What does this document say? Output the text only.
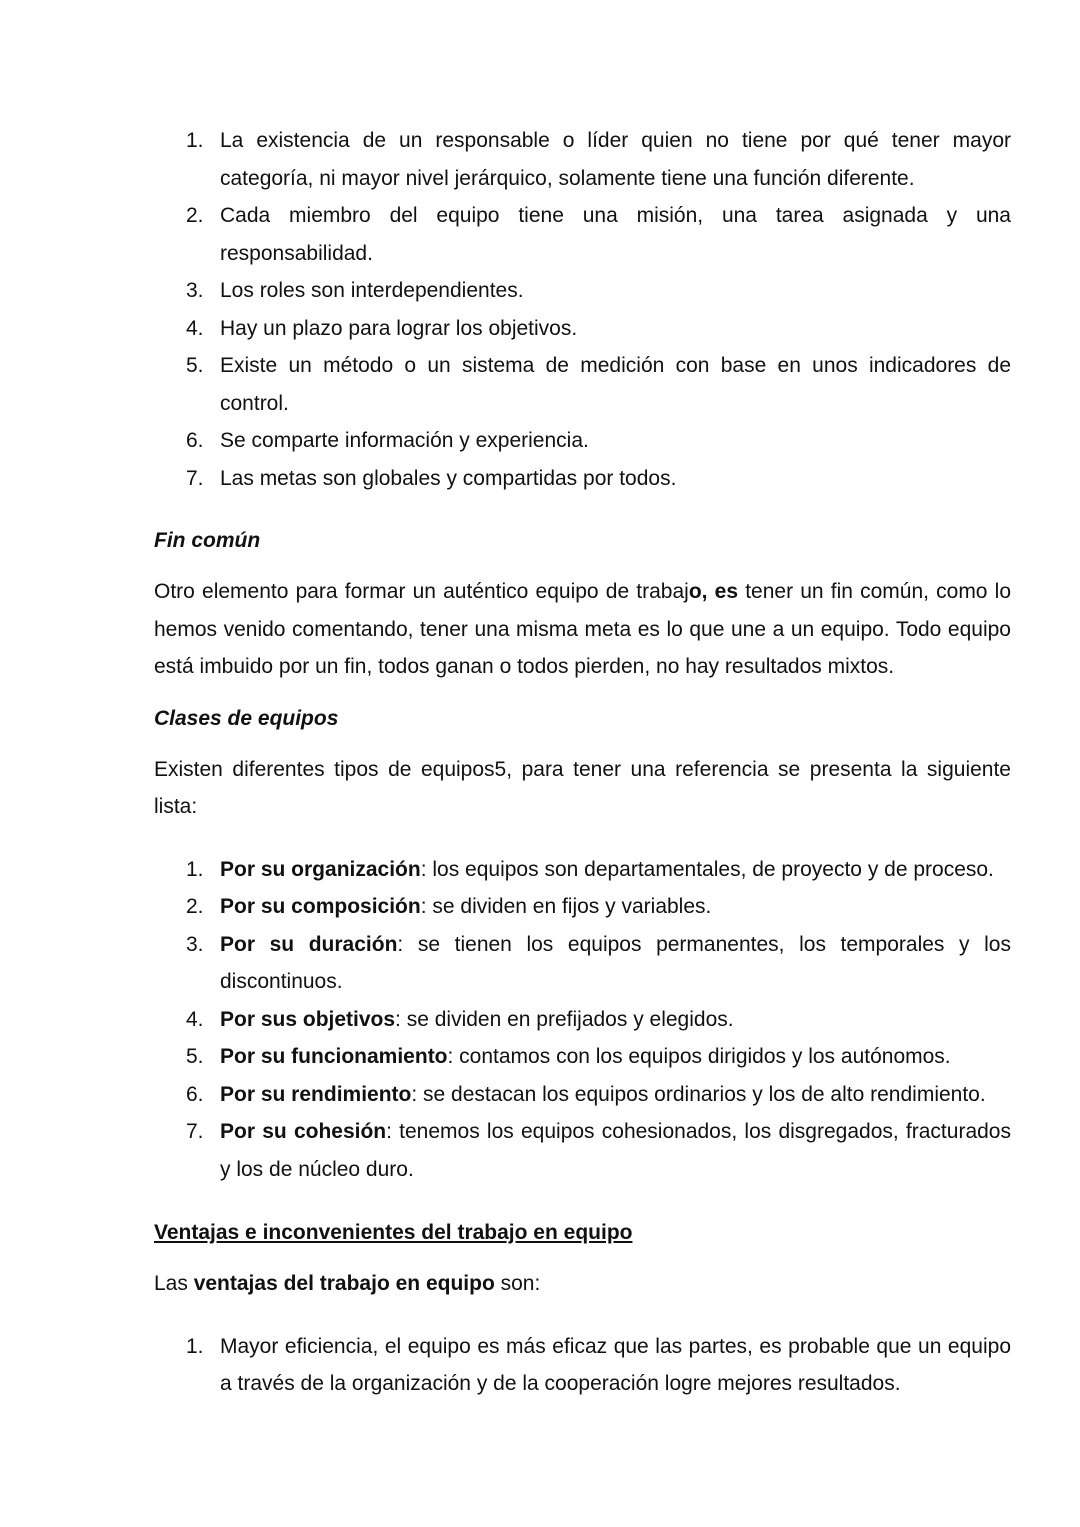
1. La existencia de un responsable o líder quien no tiene por qué tener mayor categoría, ni mayor nivel jerárquico, solamente tiene una función diferente.
2. Cada miembro del equipo tiene una misión, una tarea asignada y una responsabilidad.
3. Los roles son interdependientes.
4. Hay un plazo para lograr los objetivos.
5. Existe un método o un sistema de medición con base en unos indicadores de control.
6. Se comparte información y experiencia.
7. Las metas son globales y compartidas por todos.

Fin común

Otro elemento para formar un auténtico equipo de trabajo, es tener un fin común, como lo hemos venido comentando, tener una misma meta es lo que une a un equipo. Todo equipo está imbuido por un fin, todos ganan o todos pierden, no hay resultados mixtos.

Clases de equipos

Existen diferentes tipos de equipos5, para tener una referencia se presenta la siguiente lista:

1. Por su organización: los equipos son departamentales, de proyecto y de proceso.
2. Por su composición: se dividen en fijos y variables.
3. Por su duración: se tienen los equipos permanentes, los temporales y los discontinuos.
4. Por sus objetivos: se dividen en prefijados y elegidos.
5. Por su funcionamiento: contamos con los equipos dirigidos y los autónomos.
6. Por su rendimiento: se destacan los equipos ordinarios y los de alto rendimiento.
7. Por su cohesión: tenemos los equipos cohesionados, los disgregados, fracturados y los de núcleo duro.

Ventajas e inconvenientes del trabajo en equipo

Las ventajas del trabajo en equipo son:

1. Mayor eficiencia, el equipo es más eficaz que las partes, es probable que un equipo a través de la organización y de la cooperación logre mejores resultados.
